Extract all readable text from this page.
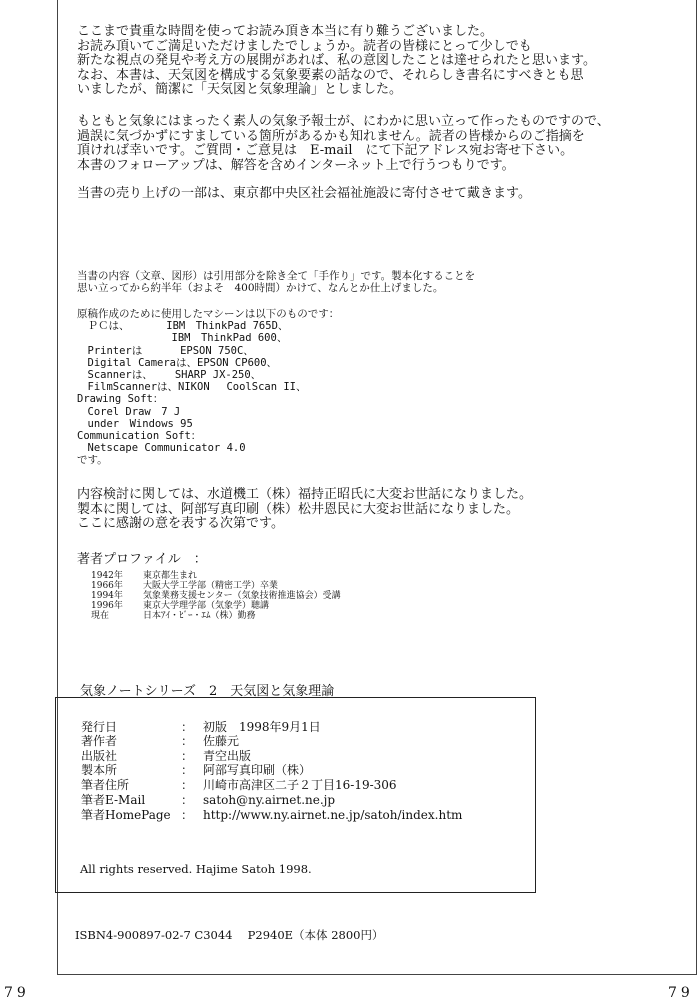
ここまで貴重な時間を使ってお読み頂き本当に有り難うございました。
お読み頂いてご満足いただけましたでしょうか。読者の皆様にとって少しでも
新たな視点の発見や考え方の展開があれば、私の意図したことは達せられたと思います。
なお、本書は、天気図を構成する気象要素の話なので、それらしき書名にすべきとも思
いましたが、簡潔に「天気図と気象理論」としました。
もともと気象にはまったく素人の気象予報士が、にわかに思い立って作ったものですので、
過誤に気づかずにすましている箇所があるかも知れません。読者の皆様からのご指摘を
頂ければ幸いです。ご質問・ご意見は　E-mail　にて下記アドレス宛お寄せ下さい。
本書のフォローアップは、解答を含めインターネット上で行うつもりです。
当書の売り上げの一部は、東京都中央区社会福祉施設に寄付させて戴きます。
当書の内容（文章、図形）は引用部分を除き全て「手作り」です。製本化することを
思い立ってから約半年（およそ　400時間）かけて、なんとか仕上げました。
原稿作成のために使用したマシーンは以下のものです：
　ＰＣは、　　　　IBM　ThinkPad 765D、
　　　　　　　　　IBM　ThinkPad 600、
　Printerは　　　 EPSON 750C、
　Digital Cameraは、EPSON CP600、
　Scannerは、　　 SHARP JX-250、
　FilmScannerは、NIKON　 CoolScan II、
Drawing Soft：
　Corel Draw　7 J
　under　Windows 95
Communication Soft：
　Netscape Communicator 4.0
です。
内容検討に関しては、水道機工（株）福持正昭氏に大変お世話になりました。
製本に関しては、阿部写真印刷（株）松井恩民に大変お世話になりました。
ここに感謝の意を表する次第です。
著者プロファイル　：
1942年 東京都生まれ
1966年 大阪大学工学部（精密工学）卒業
1994年 気象業務支援センター（気象技術推進協会）受講
1996年 東京大学理学部（気象学）聴講
現在	日本ｱｲ・ﾋﾞｰ・ｴﾑ（株）勤務
気象ノートシリーズ　2　天気図と気象理論
発行日	： 初版　1998年9月1日
著作者	： 佐藤元
出版社	： 青空出版
製本所	： 阿部写真印刷（株）
筆者住所	： 川崎市高津区二子２丁目16-19-306
筆者E-Mail	： satoh@ny.airnet.ne.jp
筆者HomePage ： http://www.ny.airnet.ne.jp/satoh/index.htm
All rights reserved. Hajime Satoh 1998.
ISBN4-900897-02-7 C3044　 P2940E（本体 2800円）
79	79
